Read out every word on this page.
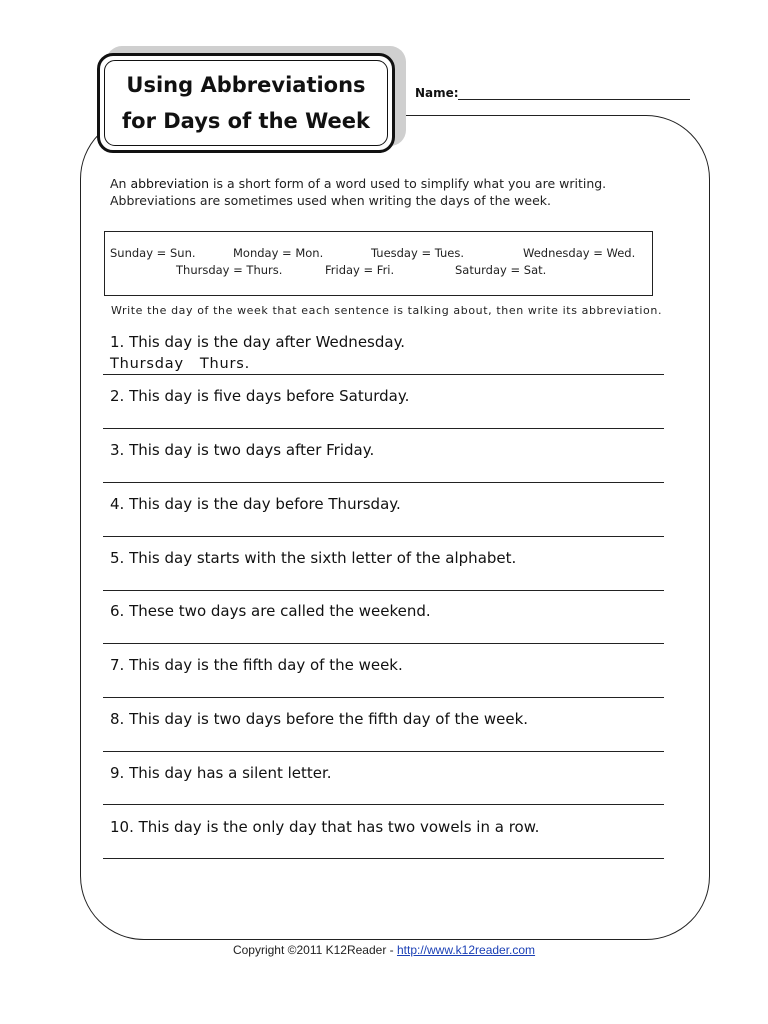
Using Abbreviations
for Days of the Week
Name:
An abbreviation is a short form of a word used to simplify what you are writing.
Abbreviations are sometimes used when writing the days of the week.
Sunday = Sun.	Monday = Mon.	Tuesday = Tues.	Wednesday = Wed.
Thursday = Thurs.	Friday = Fri.	Saturday = Sat.
Write the day of the week that each sentence is talking about, then write its abbreviation.
1. This day is the day after Wednesday.
Thursday Thurs.
2. This day is five days before Saturday.
3. This day is two days after Friday.
4. This day is the day before Thursday.
5. This day starts with the sixth letter of the alphabet.
6. These two days are called the weekend.
7. This day is the fifth day of the week.
8. This day is two days before the fifth day of the week.
9. This day has a silent letter.
10. This day is the only day that has two vowels in a row.
Copyright ©2011 K12Reader - http://www.k12reader.com
